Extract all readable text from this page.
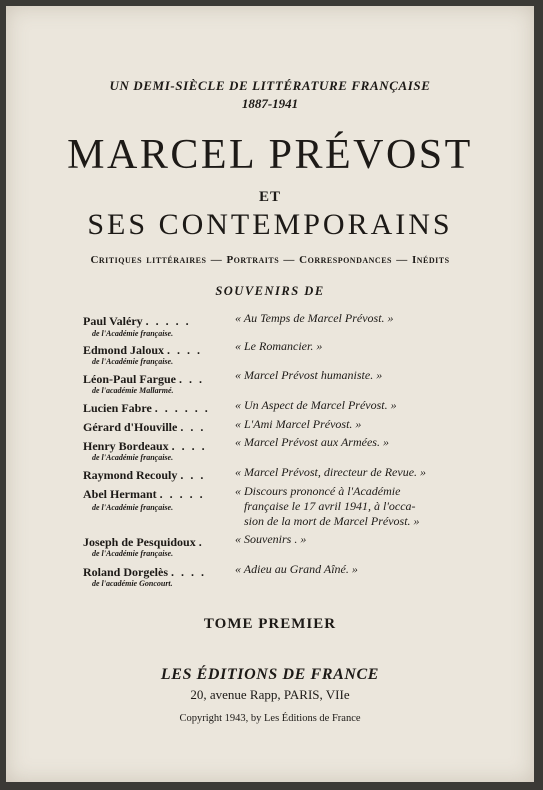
UN DEMI-SIÈCLE DE LITTÉRATURE FRANÇAISE
1887-1941
MARCEL PRÉVOST
ET
SES CONTEMPORAINS
Critiques littéraires — Portraits — Correspondances — Inédits
SOUVENIRS DE
Paul Valéry . . . . .
de l'Académie française.
« Au Temps de Marcel Prévost. »
Edmond Jaloux . . . .
de l'Académie française.
« Le Romancier. »
Léon-Paul Fargue . . .
de l'académie Mallarmé.
« Marcel Prévost humaniste. »
Lucien Fabre . . . . . . « Un Aspect de Marcel Prévost. »
Gérard d'Houville . . . « L'Ami Marcel Prévost. »
Henry Bordeaux . . . .
de l'Académie française.
« Marcel Prévost aux Armées. »
Raymond Recouly . . . « Marcel Prévost, directeur de Revue. »
Abel Hermant . . . . .
de l'Académie française.
« Discours prononcé à l'Académie
française le 17 avril 1941, à l'occa-
sion de la mort de Marcel Prévost. »
Joseph de Pesquidoux .
de l'Académie française.
« Souvenirs . »
Roland Dorgelès . . . .
de l'académie Goncourt.
« Adieu au Grand Aîné. »
TOME PREMIER
LES ÉDITIONS DE FRANCE
20, avenue Rapp, PARIS, VIIe
Copyright 1943, by Les Éditions de France
